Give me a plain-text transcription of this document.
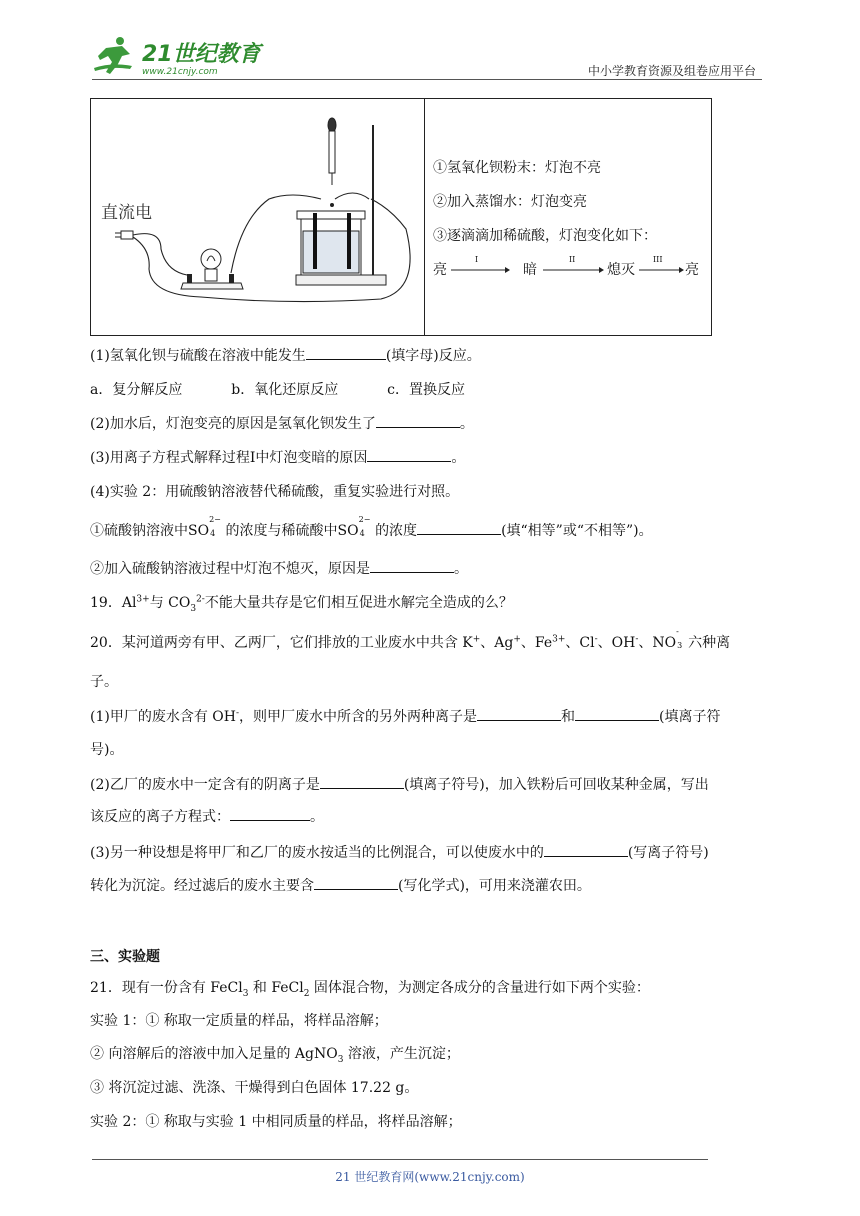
21世纪教育
www.21cnjy.com	中小学教育资源及组卷应用平台
直流电
①氢氧化钡粉末：灯泡不亮
②加入蒸馏水：灯泡变亮
③逐滴滴加稀硫酸，灯泡变化如下：
亮
I
暗
II
熄灭
III
亮
(1)氢氧化钡与硫酸在溶液中能发生	(填字母)反应。
a．复分解反应	b．氧化还原反应	c．置换反应
(2)加水后，灯泡变亮的原因是氢氧化钡发生了	。
(3)用离子方程式解释过程I中灯泡变暗的原因	。
(4)实验 2：用硫酸钠溶液替代稀硫酸，重复实验进行对照。
①硫酸钠溶液中SO
2−
4 的浓度与稀硫酸中SO
2−
4 的浓度	(填“相等”或“不相等”)。
②加入硫酸钠溶液过程中灯泡不熄灭，原因是	。
19．$Al^{3+}$与 $CO_3^{2-}$不能大量共存是它们相互促进水解完全造成的么？
20．某河道两旁有甲、乙两厂，它们排放的工业废水中共含 K+、Ag+、$Fe^{3+}$、Cl-、OH-、NO
-
3 六种离
子。
(1)甲厂的废水含有 OH-，则甲厂废水中所含的另外两种离子是	和	(填离子符
号)。
(2)乙厂的废水中一定含有的阴离子是	(填离子符号)，加入铁粉后可回收某种金属，写出
该反应的离子方程式：	。
(3)另一种设想是将甲厂和乙厂的废水按适当的比例混合，可以使废水中的	(写离子符号)
转化为沉淀。经过滤后的废水主要含	(写化学式)，可用来浇灌农田。
三、实验题
21．现有一份含有 FeCl$_3$ 和 FeCl$_2$ 固体混合物，为测定各成分的含量进行如下两个实验：
实验 1：① 称取一定质量的样品，将样品溶解；
② 向溶解后的溶液中加入足量的 AgNO$_3$ 溶液，产生沉淀；
③ 将沉淀过滤、洗涤、干燥得到白色固体 17.22 g。
实验 2：① 称取与实验 1 中相同质量的样品，将样品溶解；
21 世纪教育网(www.21cnjy.com)
